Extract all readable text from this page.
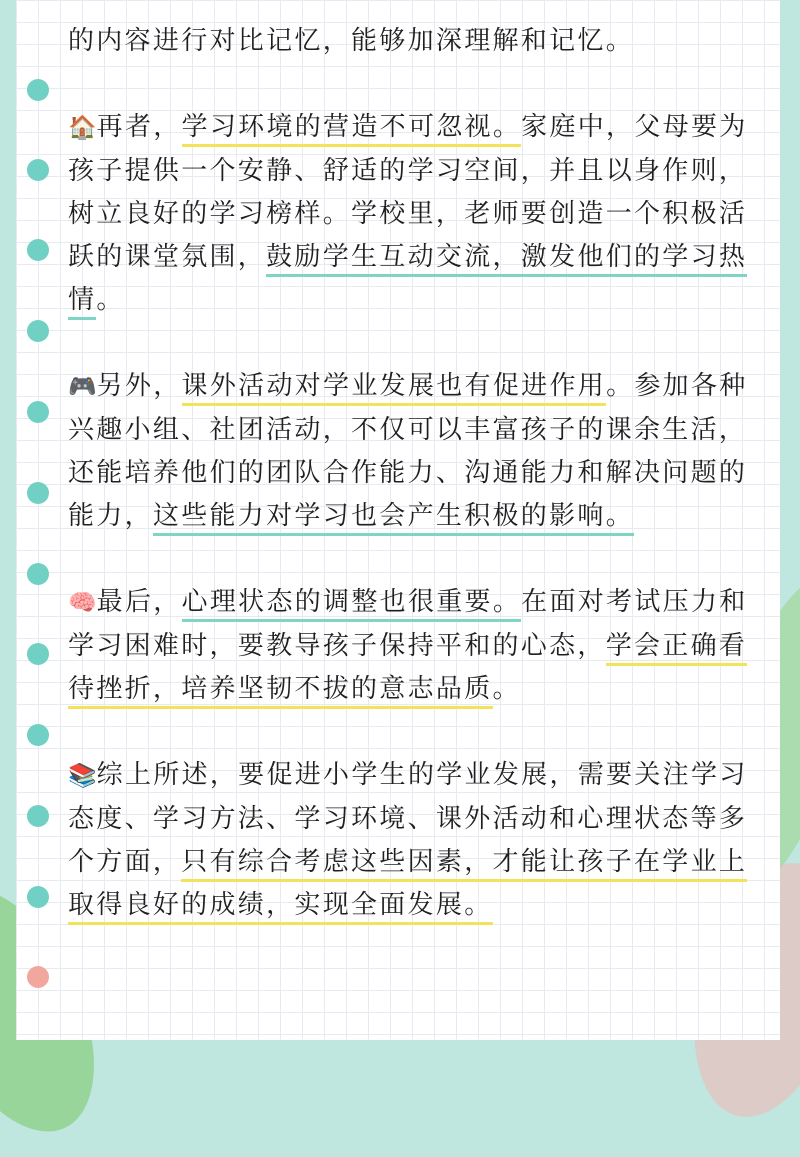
的内容进行对比记忆，能够加深理解和记忆。

🏠再者，学习环境的营造不可忽视。家庭中，父母要为孩子提供一个安静、舒适的学习空间，并且以身作则，树立良好的学习榜样。学校里，老师要创造一个积极活跃的课堂氛围，鼓励学生互动交流，激发他们的学习热情。

🎮另外，课外活动对学业发展也有促进作用。参加各种兴趣小组、社团活动，不仅可以丰富孩子的课余生活，还能培养他们的团队合作能力、沟通能力和解决问题的能力，这些能力对学习也会产生积极的影响。

🧠最后，心理状态的调整也很重要。在面对考试压力和学习困难时，要教导孩子保持平和的心态，学会正确看待挫折，培养坚韧不拔的意志品质。

📚综上所述，要促进小学生的学业发展，需要关注学习态度、学习方法、学习环境、课外活动和心理状态等多个方面，只有综合考虑这些因素，才能让孩子在学业上取得良好的成绩，实现全面发展。
